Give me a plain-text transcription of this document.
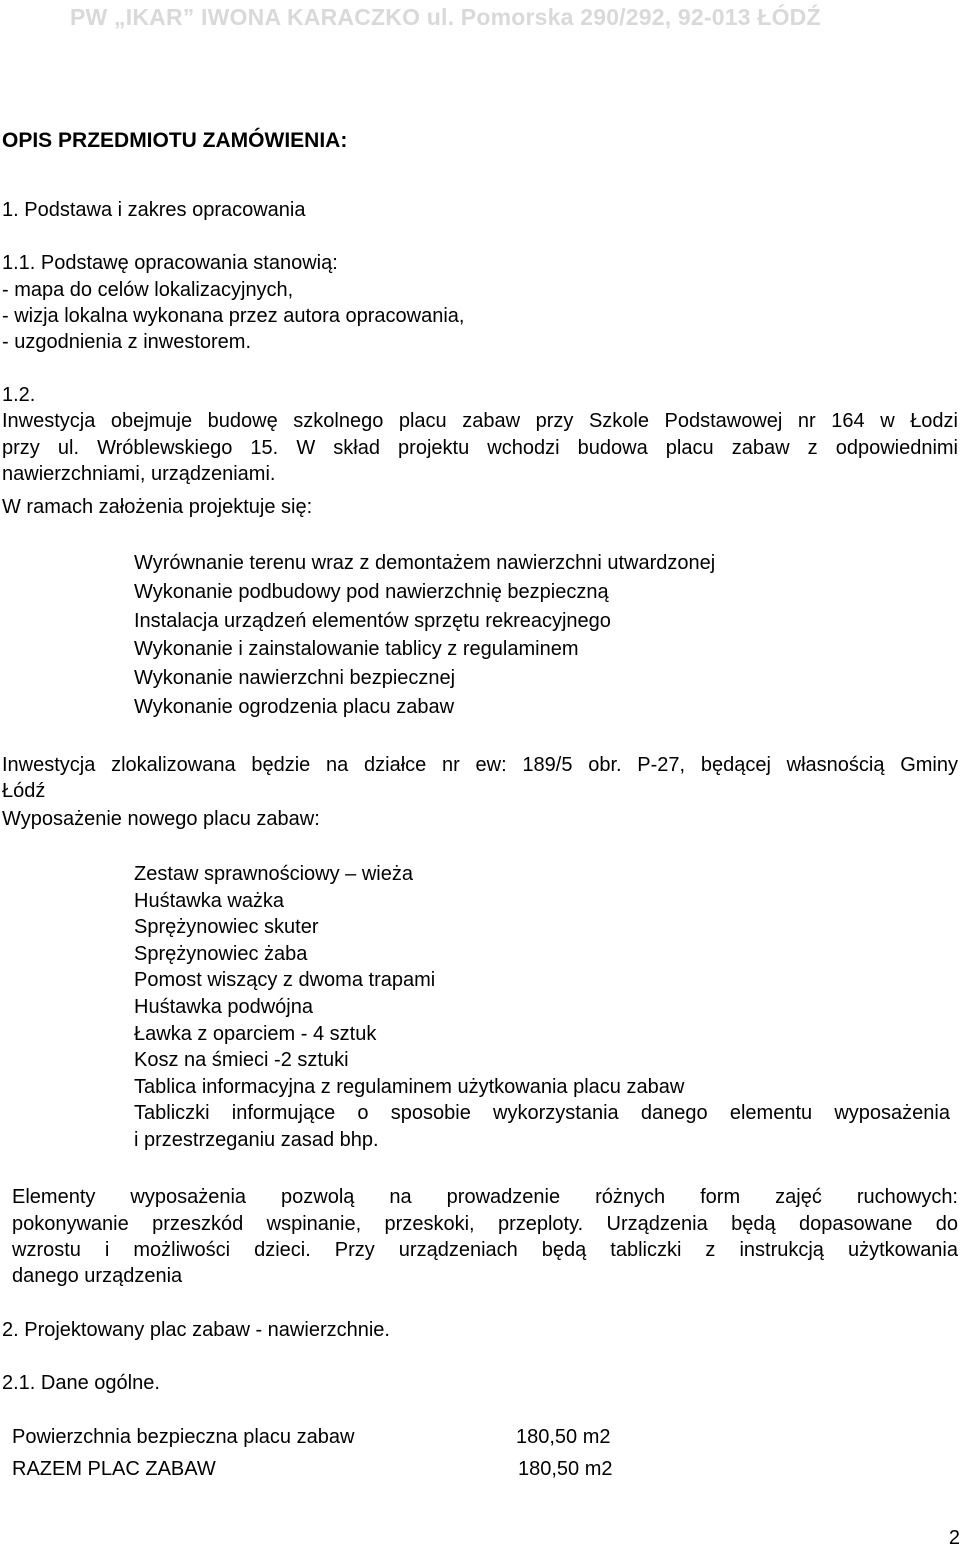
PW „IKAR” IWONA KARACZKO ul. Pomorska 290/292, 92-013 ŁÓDŹ
OPIS PRZEDMIOTU ZAMÓWIENIA:
1. Podstawa i zakres opracowania
1.1. Podstawę opracowania stanowią:
- mapa do celów lokalizacyjnych,
- wizja lokalna wykonana przez autora opracowania,
- uzgodnienia z inwestorem.
1.2.
Inwestycja obejmuje budowę szkolnego placu zabaw przy Szkole Podstawowej nr 164 w Łodzi
przy ul. Wróblewskiego 15. W skład projektu wchodzi budowa placu zabaw z odpowiednimi
nawierzchniami, urządzeniami.
W ramach założenia projektuje się:
Wyrównanie terenu wraz z demontażem nawierzchni utwardzonej
Wykonanie podbudowy pod nawierzchnię bezpieczną
Instalacja urządzeń elementów sprzętu rekreacyjnego
Wykonanie i zainstalowanie tablicy z regulaminem
Wykonanie nawierzchni bezpiecznej
Wykonanie ogrodzenia placu zabaw
Inwestycja zlokalizowana będzie na działce nr ew: 189/5 obr. P-27, będącej własnością Gminy
Łódź
Wyposażenie nowego placu zabaw:
Zestaw sprawnościowy – wieża
Huśtawka ważka
Sprężynowiec skuter
Sprężynowiec żaba
Pomost wiszący z dwoma trapami
Huśtawka podwójna
Ławka z oparciem - 4 sztuk
Kosz na śmieci -2 sztuki
Tablica informacyjna z regulaminem użytkowania placu zabaw
Tabliczki informujące o sposobie wykorzystania danego elementu wyposażenia
i przestrzeganiu zasad bhp.
Elementy wyposażenia pozwolą na prowadzenie różnych form zajęć ruchowych:
pokonywanie przeszkód wspinanie, przeskoki, przeploty. Urządzenia będą dopasowane do
wzrostu i możliwości dzieci. Przy urządzeniach będą tabliczki z instrukcją użytkowania
danego urządzenia
2. Projektowany plac zabaw - nawierzchnie.
2.1. Dane ogólne.
Powierzchnia bezpieczna placu zabaw	180,50 m2
RAZEM PLAC ZABAW	180,50 m2
2
